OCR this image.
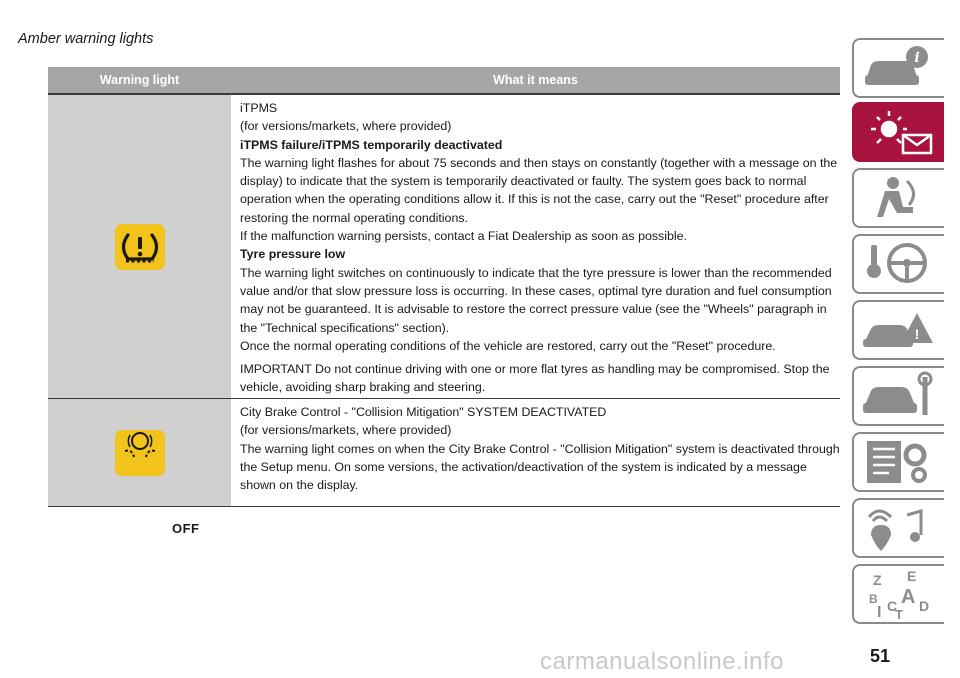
Amber warning lights
Warning light	What it means

iTPMS

(for versions/markets, where provided)

iTPMS failure/iTPMS temporarily deactivated

The warning light flashes for about 75 seconds and then stays on constantly (together with a message on the display) to indicate that the system is temporarily deactivated or faulty. The system goes back to normal operation when the operating conditions allow it. If this is not the case, carry out the "Reset" procedure after restoring the normal operating conditions.

If the malfunction warning persists, contact a Fiat Dealership as soon as possible.

Tyre pressure low

The warning light switches on continuously to indicate that the tyre pressure is lower than the recommended value and/or that slow pressure loss is occurring. In these cases, optimal tyre duration and fuel consumption may not be guaranteed. It is advisable to restore the correct pressure value (see the "Wheels" paragraph in the "Technical specifications" section).

Once the normal operating conditions of the vehicle are restored, carry out the "Reset" procedure.

IMPORTANT Do not continue driving with one or more flat tyres as handling may be compromised. Stop the vehicle, avoiding sharp braking and steering.

OFF

City Brake Control - "Collision Mitigation" SYSTEM DEACTIVATED

(for versions/markets, where provided)

The warning light comes on when the City Brake Control - "Collision Mitigation" system is deactivated through the Setup menu. On some versions, the activation/deactivation of the system is indicated by a message shown on the display.

i
!
Z E
B A
I C
T
D
carmanualsonline.info	51
